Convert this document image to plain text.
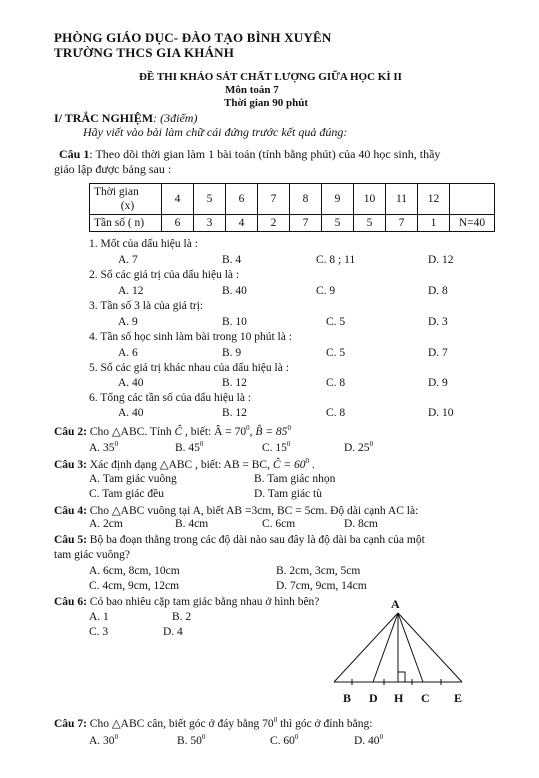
PHÒNG GIÁO DỤC- ĐÀO TẠO BÌNH XUYÊN
TRƯỜNG THCS GIA KHÁNH
ĐỀ THI KHẢO SÁT CHẤT LƯỢNG GIỮA HỌC KÌ II
Môn toán 7
Thời gian 90 phút
I/ TRẮC NGHIỆM: (3điểm)
Hãy viết vào bài làm chữ cái đứng trước kết quả đúng:
Câu 1: Theo dõi thời gian làm 1 bài toán (tính bằng phút) của 40 học sinh, thầy
giáo lập được bảng sau :
Thời gian
(x)	4	5	6	7	8	9	10	11	12	
Tần số ( n)	6	3	4	2	7	5	5	7	1	N=40
1. Mốt của dấu hiệu là :
A. 7	B. 4	C. 8 ; 11	D. 12
2. Số các giá trị của dấu hiệu là :
A. 12	B. 40	C. 9	D. 8
3. Tần số 3 là của giá trị:
A. 9	B. 10	C. 5	D. 3
4. Tần số học sinh làm bài trong 10 phút là :
A. 6	B. 9	C. 5	D. 7
5. Số các giá trị khác nhau của dấu hiệu là :
A. 40	B. 12	C. 8	D. 9
6. Tổng các tần số của dấu hiệu là :
A. 40	B. 12	C. 8	D. 10
Câu 2: Cho △ABC. Tính Ĉ , biết: Â = $70^0$, B̂ = $85^0$
A. $35^0$	B. $45^0$	C. $15^0$	D. $25^0$
Câu 3: Xác định dạng △ABC , biết: AB = BC, Ĉ = $60^0$ .
A. Tam giác vuông	B. Tam giác nhọn
C. Tam giác đều	D. Tam giác tù
Câu 4: Cho △ABC vuông tại A, biết AB =3cm, BC = 5cm. Độ dài cạnh AC là:
A. 2cm	B. 4cm	C. 6cm	D. 8cm
Câu 5: Bộ ba đoạn thẳng trong các độ dài nào sau đây là độ dài ba cạnh của một
tam giác vuông?
A. 6cm, 8cm, 10cm	B. 2cm, 3cm, 5cm
C. 4cm, 9cm, 12cm	D. 7cm, 9cm, 14cm
Câu 6: Có bao nhiêu cặp tam giác bằng nhau ở hình bên?
A. 1	B. 2
C. 3	D. 4
A
B D H C E
Câu 7: Cho △ABC cân, biết góc ở đáy bằng $70^0$ thì góc ở đỉnh bằng:
A. $30^0$	B. $50^0$	C. $60^0$	D. $40^0$
